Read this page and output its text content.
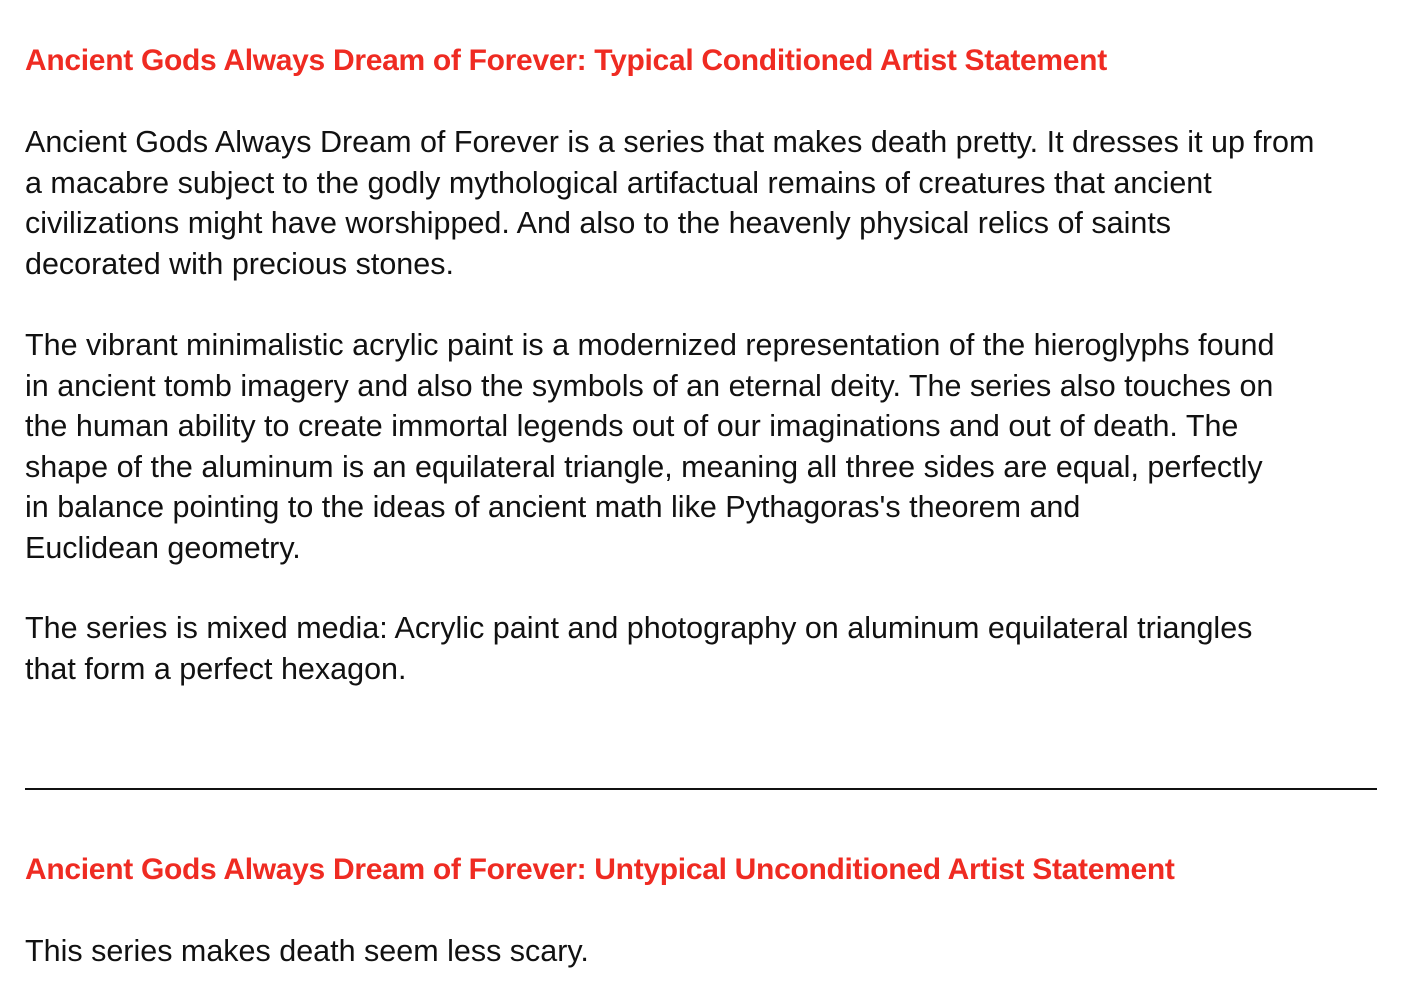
Ancient Gods Always Dream of Forever: Typical Conditioned Artist Statement

Ancient Gods Always Dream of Forever is a series that makes death pretty. It dresses it up from
a macabre subject to the godly mythological artifactual remains of creatures that ancient
civilizations might have worshipped. And also to the heavenly physical relics of saints
decorated with precious stones.

The vibrant minimalistic acrylic paint is a modernized representation of the hieroglyphs found
in ancient tomb imagery and also the symbols of an eternal deity. The series also touches on
the human ability to create immortal legends out of our imaginations and out of death. The
shape of the aluminum is an equilateral triangle, meaning all three sides are equal, perfectly
in balance pointing to the ideas of ancient math like Pythagoras's theorem and
Euclidean geometry.

The series is mixed media: Acrylic paint and photography on aluminum equilateral triangles
that form a perfect hexagon.

Ancient Gods Always Dream of Forever: Untypical Unconditioned Artist Statement

This series makes death seem less scary.
